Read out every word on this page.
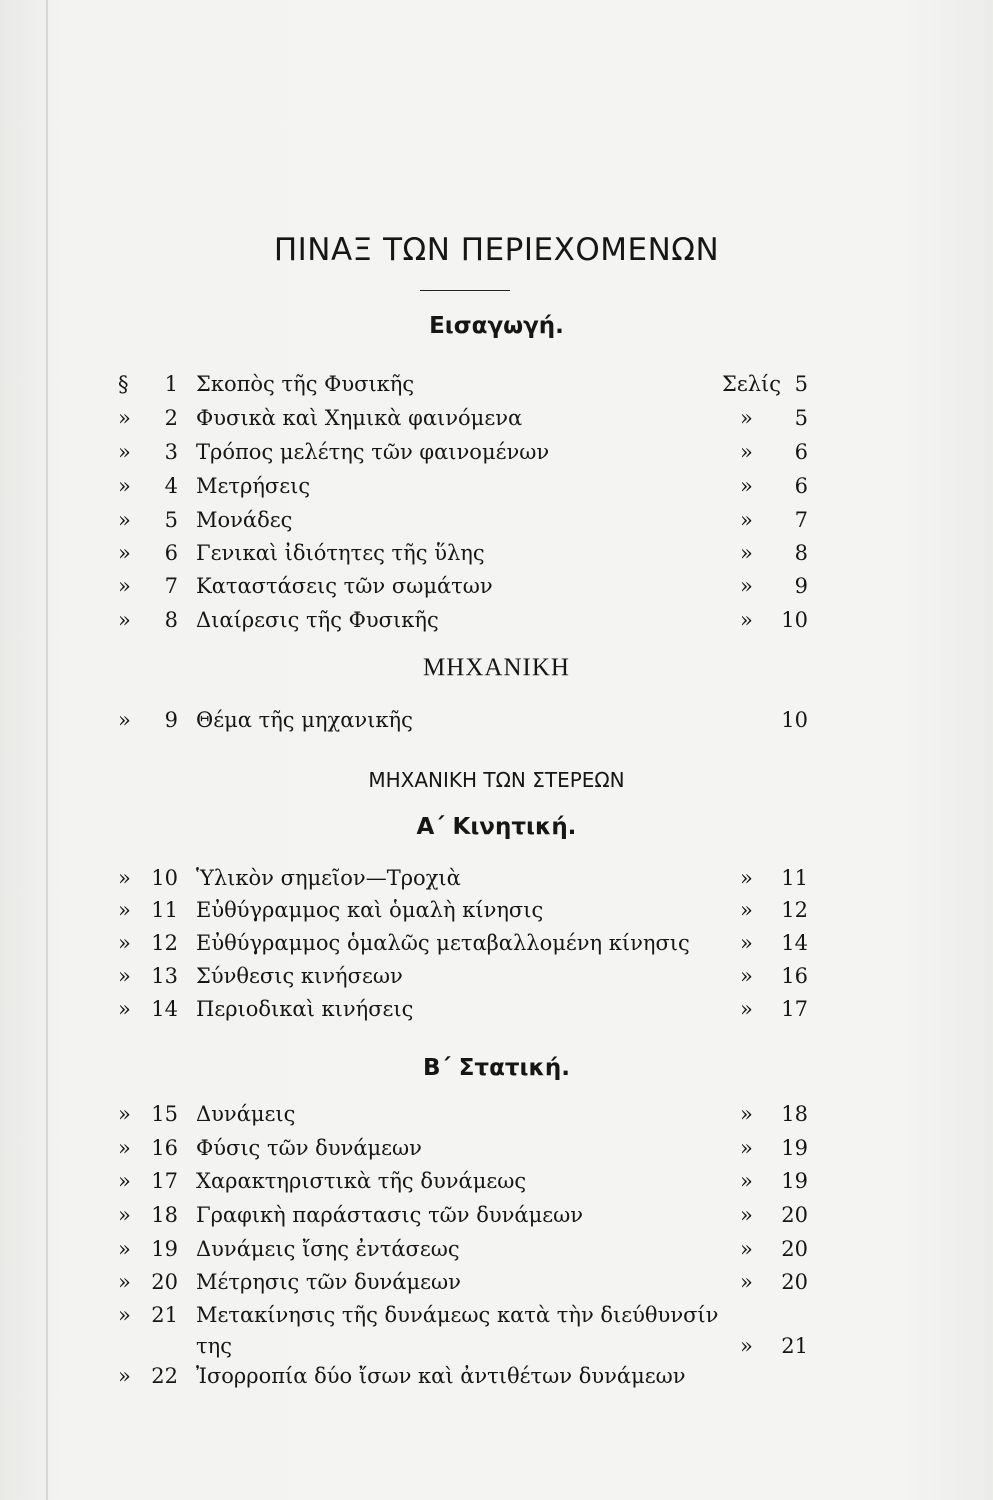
ΠΙΝΑΞ ΤΩΝ ΠΕΡΙΕΧΟΜΕΝΩΝ
Εισαγωγή.
§	1 Σκοπὸς τῆς Φυσικῆς	Σελίς 5
»	2 Φυσικὰ καὶ Χημικὰ φαινόμενα	»	5
»	3 Τρόπος μελέτης τῶν φαινομένων	»	6
»	4 Μετρήσεις	»	6
»	5 Μονάδες	»	7
»	6 Γενικαὶ ἰδιότητες τῆς ὕλης	»	8
»	7 Καταστάσεις τῶν σωμάτων	»	9
»	8 Διαίρεσις τῆς Φυσικῆς	»	10
ΜΗΧΑΝΙΚΗ
»	9 Θέμα τῆς μηχανικῆς	10
ΜΗΧΑΝΙΚΗ ΤΩΝ ΣΤΕΡΕΩΝ
Α΄ Κινητική.
» 10 Ὑλικὸν σημεῖον—Τροχιὰ	»	11
» 11 Εὐθύγραμμος καὶ ὁμαλὴ κίνησις	»	12
» 12 Εὐθύγραμμος ὁμαλῶς μεταβαλλομένη κίνησις »	14
» 13 Σύνθεσις κινήσεων	»	16
» 14 Περιοδικαὶ κινήσεις	»	17
Β΄ Στατική.
» 15 Δυνάμεις	»	18
» 16 Φύσις τῶν δυνάμεων	»	19
» 17 Χαρακτηριστικὰ τῆς δυνάμεως	»	19
» 18 Γραφικὴ παράστασις τῶν δυνάμεων	»	20
» 19 Δυνάμεις ἴσης ἐντάσεως	»	20
» 20 Μέτρησις τῶν δυνάμεων	»	20
» 21 Μετακίνησις τῆς δυνάμεως κατὰ τὴν διεύθυνσίν
της	»	21
» 22 Ἰσορροπία δύο ἴσων καὶ ἀντιθέτων δυνάμεων
